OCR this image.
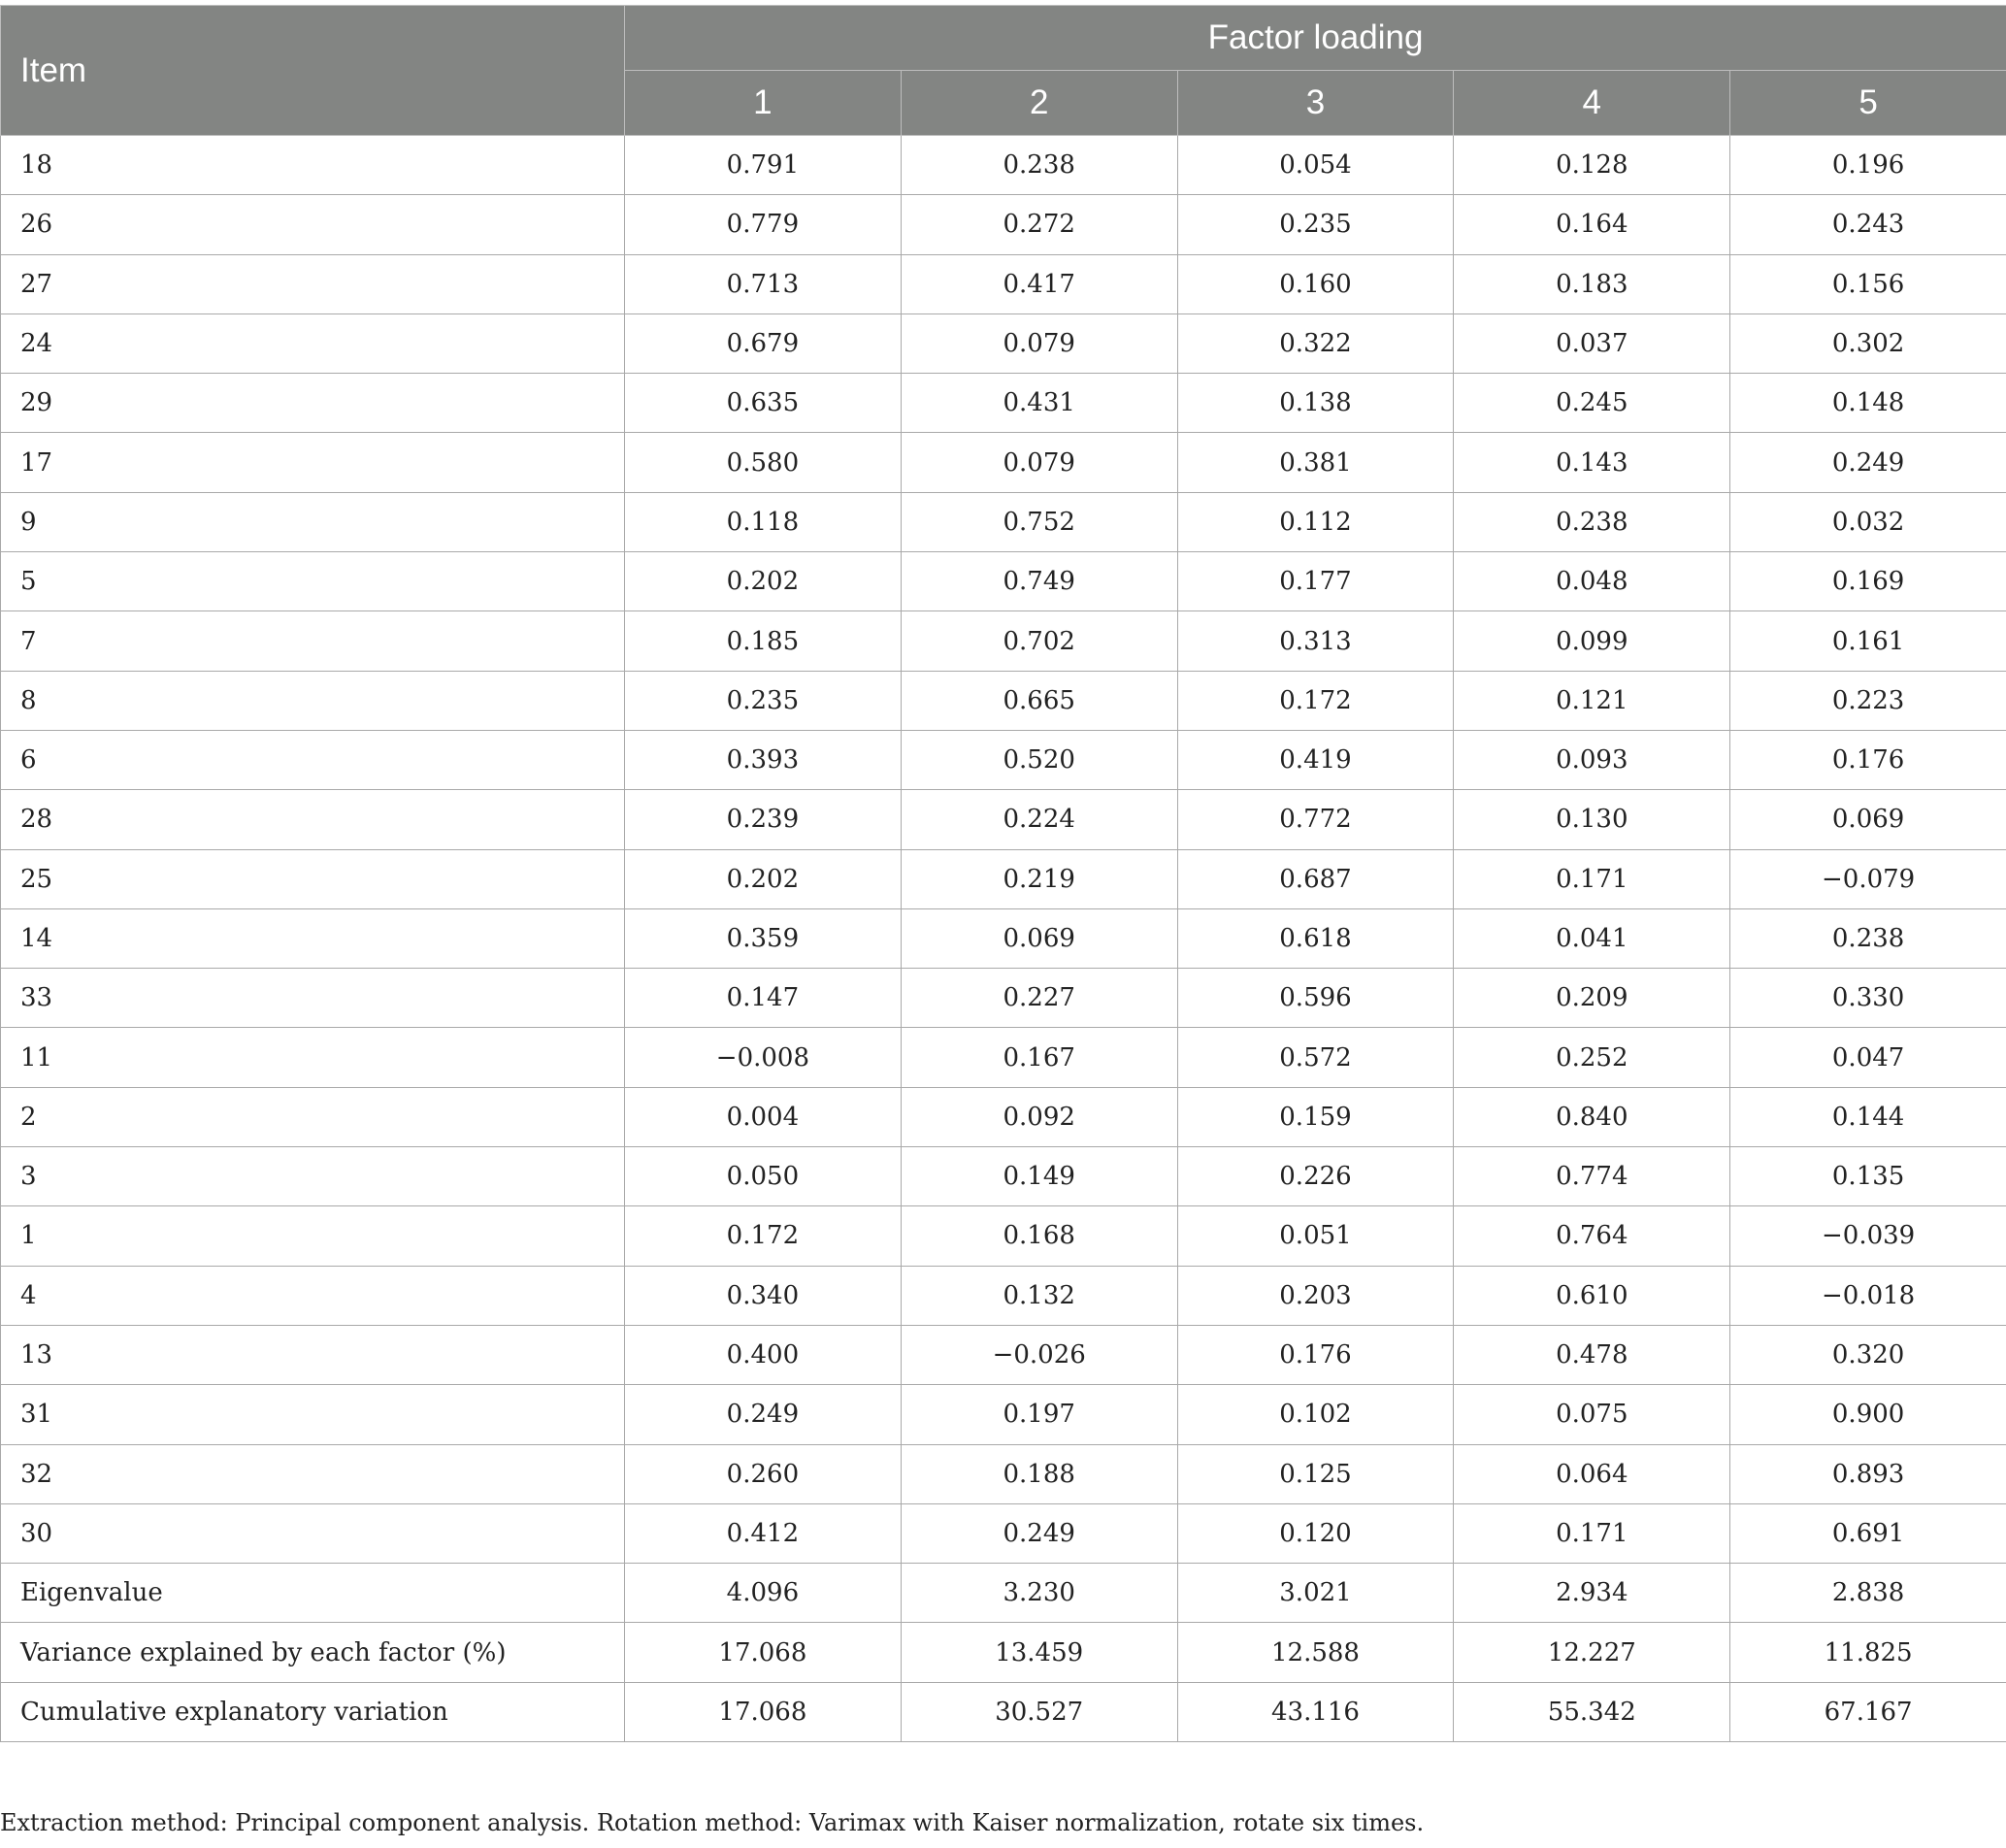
Item	Factor loading				
	1	2	3	4	5
18	0.791	0.238	0.054	0.128	0.196
26	0.779	0.272	0.235	0.164	0.243
27	0.713	0.417	0.160	0.183	0.156
24	0.679	0.079	0.322	0.037	0.302
29	0.635	0.431	0.138	0.245	0.148
17	0.580	0.079	0.381	0.143	0.249
9	0.118	0.752	0.112	0.238	0.032
5	0.202	0.749	0.177	0.048	0.169
7	0.185	0.702	0.313	0.099	0.161
8	0.235	0.665	0.172	0.121	0.223
6	0.393	0.520	0.419	0.093	0.176
28	0.239	0.224	0.772	0.130	0.069
25	0.202	0.219	0.687	0.171	−0.079
14	0.359	0.069	0.618	0.041	0.238
33	0.147	0.227	0.596	0.209	0.330
11	−0.008	0.167	0.572	0.252	0.047
2	0.004	0.092	0.159	0.840	0.144
3	0.050	0.149	0.226	0.774	0.135
1	0.172	0.168	0.051	0.764	−0.039
4	0.340	0.132	0.203	0.610	−0.018
13	0.400	−0.026	0.176	0.478	0.320
31	0.249	0.197	0.102	0.075	0.900
32	0.260	0.188	0.125	0.064	0.893
30	0.412	0.249	0.120	0.171	0.691
Eigenvalue	4.096	3.230	3.021	2.934	2.838
Variance explained by each factor (%)	17.068	13.459	12.588	12.227	11.825
Cumulative explanatory variation	17.068	30.527	43.116	55.342	67.167
Extraction method: Principal component analysis. Rotation method: Varimax with Kaiser normalization, rotate six times.
